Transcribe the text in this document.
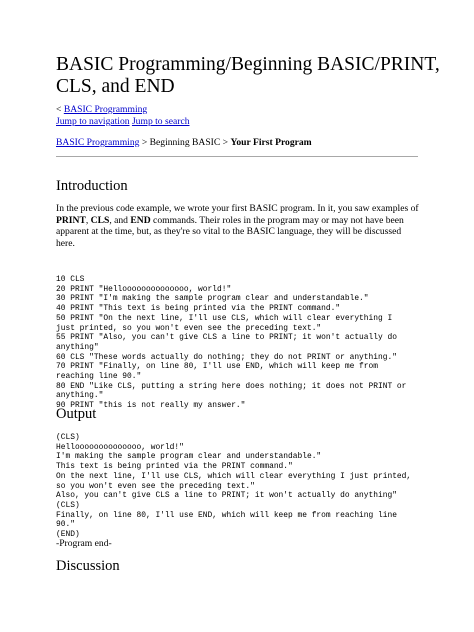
BASIC Programming/Beginning BASIC/PRINT, CLS, and END
< BASIC Programming
Jump to navigation Jump to search
BASIC Programming > Beginning BASIC > Your First Program
Introduction

In the previous code example, we wrote your first BASIC program. In it, you saw examples of PRINT, CLS, and END commands. Their roles in the program may or may not have been apparent at the time, but, as they're so vital to the BASIC language, they will be discussed here.

10 CLS
20 PRINT "Helloooooooooooooo, world!"
30 PRINT "I'm making the sample program clear and understandable."
40 PRINT "This text is being printed via the PRINT command."
50 PRINT "On the next line, I'll use CLS, which will clear everything I
just printed, so you won't even see the preceding text."
55 PRINT "Also, you can't give CLS a line to PRINT; it won't actually do
anything"
60 CLS "These words actually do nothing; they do not PRINT or anything."
70 PRINT "Finally, on line 80, I'll use END, which will keep me from
reaching line 90."
80 END "Like CLS, putting a string here does nothing; it does not PRINT or
anything."
90 PRINT "this is not really my answer."
Output
(CLS)
Helloooooooooooooo, world!"
I'm making the sample program clear and understandable."
This text is being printed via the PRINT command."
On the next line, I'll use CLS, which will clear everything I just printed,
so you won't even see the preceding text."
Also, you can't give CLS a line to PRINT; it won't actually do anything"
(CLS)
Finally, on line 80, I'll use END, which will keep me from reaching line
90."
(END)
-Program end-
Discussion
